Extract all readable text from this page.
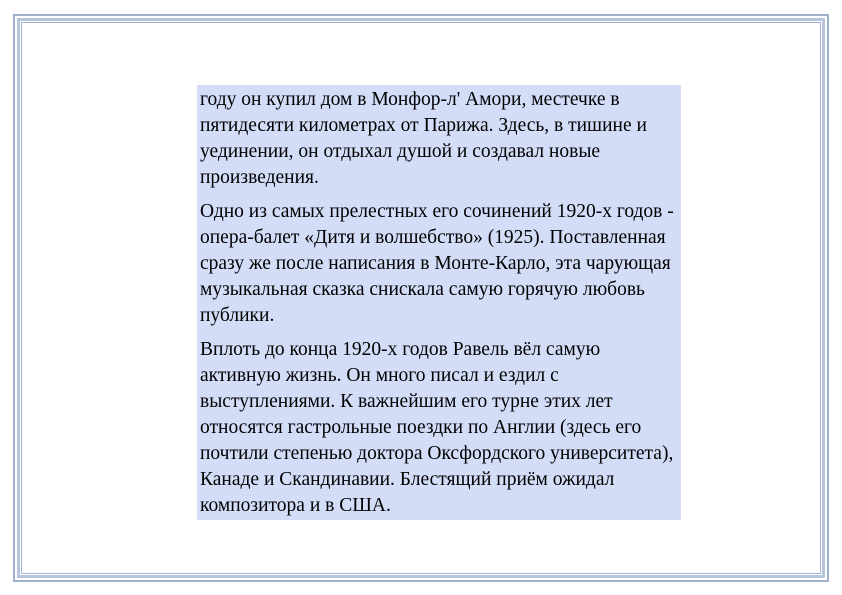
году он купил дом в Монфор-л' Амори, местечке в пятидесяти километрах от Парижа. Здесь, в тишине и уединении, он отдыхал душой и создавал новые произведения.

Одно из самых прелестных его сочинений 1920-х годов - опера-балет «Дитя и волшебство» (1925). Поставленная сразу же после написания в Монте-Карло, эта чарующая музыкальная сказка снискала самую горячую любовь публики.

Вплоть до конца 1920-х годов Равель вёл самую активную жизнь. Он много писал и ездил с выступлениями. К важнейшим его турне этих лет относятся гастрольные поездки по Англии (здесь его почтили степенью доктора Оксфордского университета), Канаде и Скандинавии. Блестящий приём ожидал композитора и в США.
